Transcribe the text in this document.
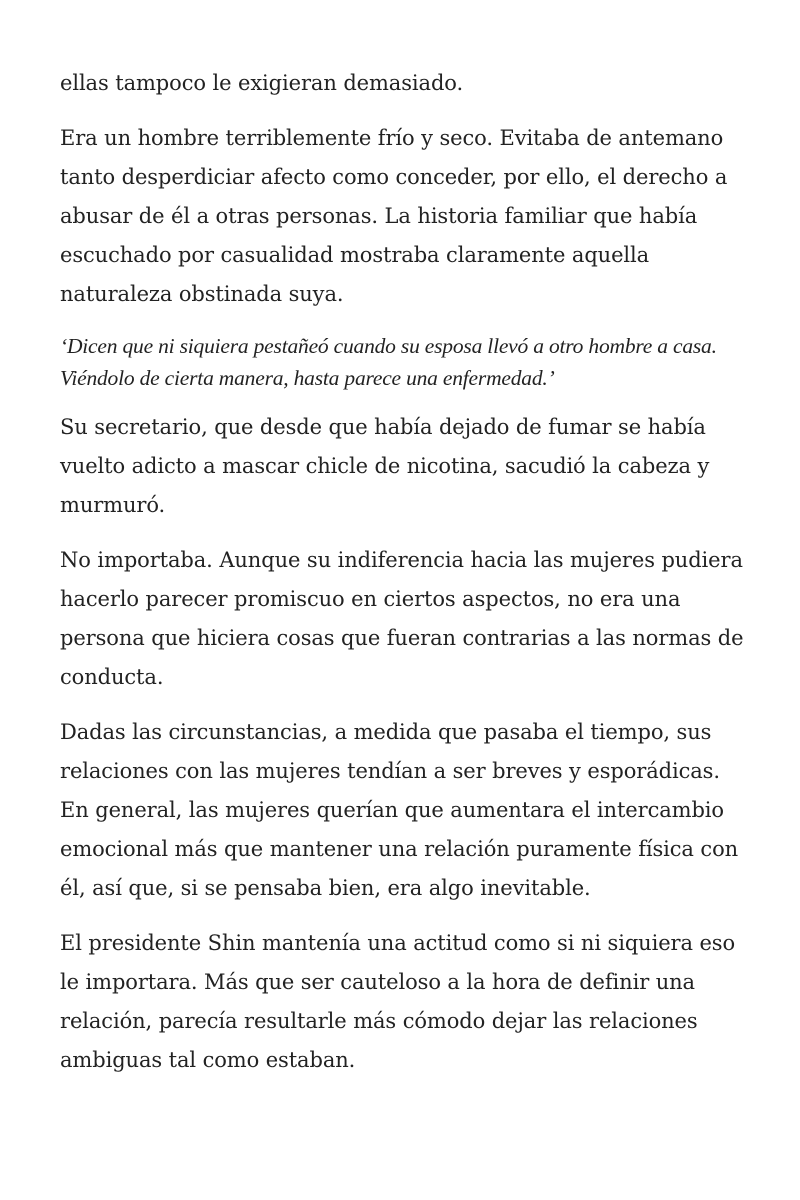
ellas tampoco le exigieran demasiado.

Era un hombre terriblemente frío y seco. Evitaba de antemano tanto desperdiciar afecto como conceder, por ello, el derecho a abusar de él a otras personas. La historia familiar que había escuchado por casualidad mostraba claramente aquella naturaleza obstinada suya.

‘Dicen que ni siquiera pestañeó cuando su esposa llevó a otro hombre a casa. Viéndolo de cierta manera, hasta parece una enfermedad.’

Su secretario, que desde que había dejado de fumar se había vuelto adicto a mascar chicle de nicotina, sacudió la cabeza y murmuró.

No importaba. Aunque su indiferencia hacia las mujeres pudiera hacerlo parecer promiscuo en ciertos aspectos, no era una persona que hiciera cosas que fueran contrarias a las normas de conducta.

Dadas las circunstancias, a medida que pasaba el tiempo, sus relaciones con las mujeres tendían a ser breves y esporádicas. En general, las mujeres querían que aumentara el intercambio emocional más que mantener una relación puramente física con él, así que, si se pensaba bien, era algo inevitable.

El presidente Shin mantenía una actitud como si ni siquiera eso le importara. Más que ser cauteloso a la hora de definir una relación, parecía resultarle más cómodo dejar las relaciones ambiguas tal como estaban.
